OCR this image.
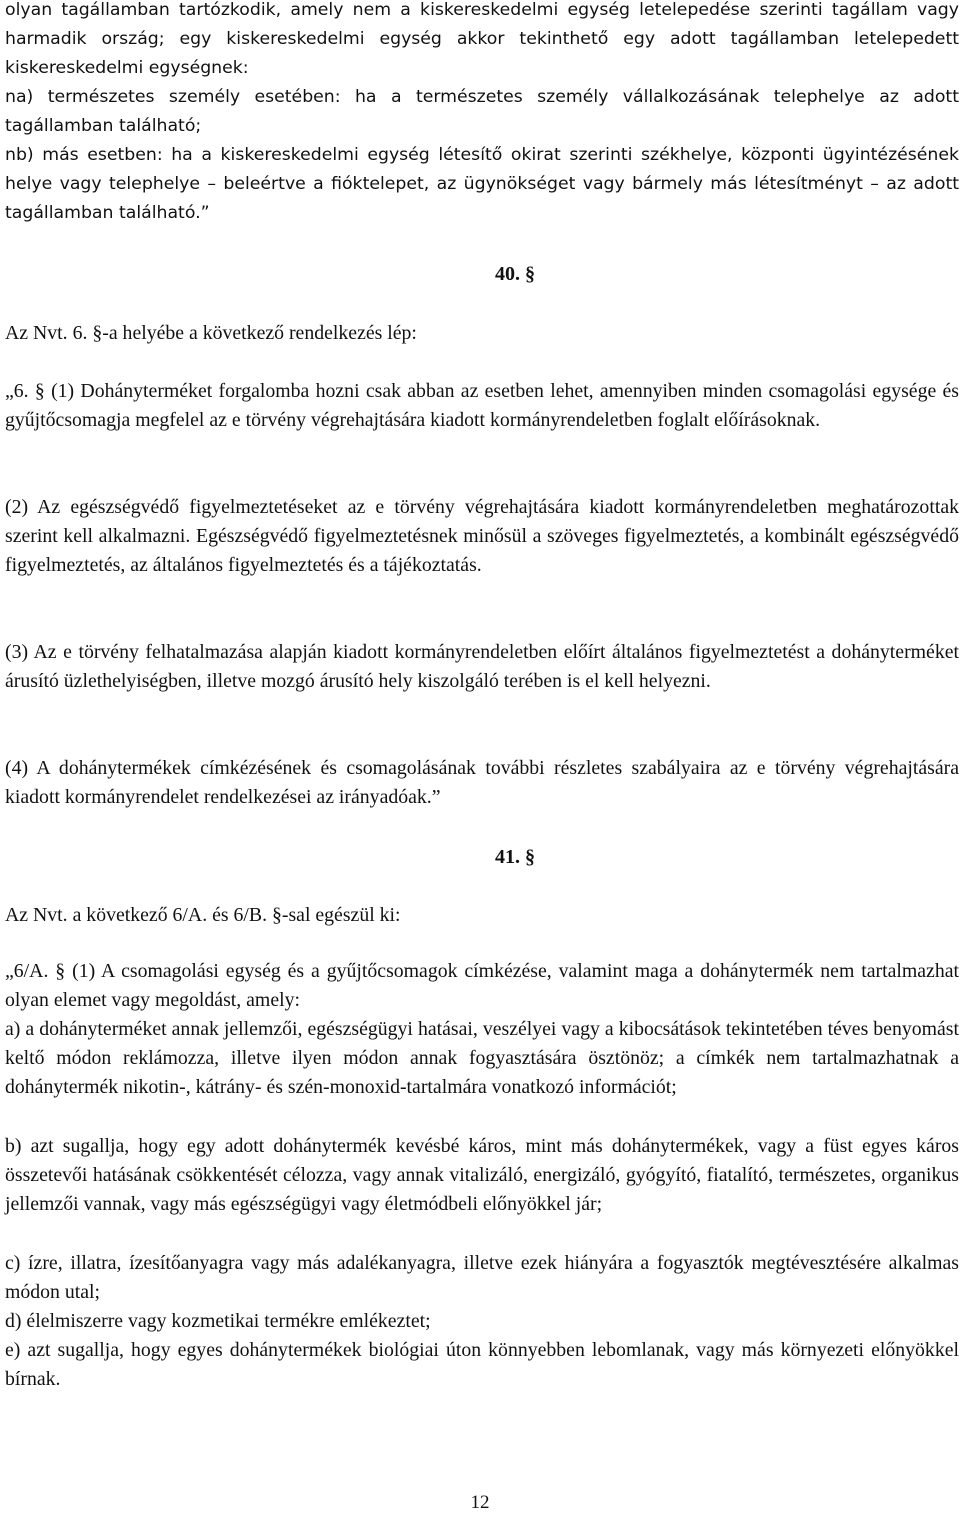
olyan tagállamban tartózkodik, amely nem a kiskereskedelmi egység letelepedése szerinti tagállam vagy harmadik ország; egy kiskereskedelmi egység akkor tekinthető egy adott tagállamban letelepedett kiskereskedelmi egységnek:

na) természetes személy esetében: ha a természetes személy vállalkozásának telephelye az adott tagállamban található;

nb) más esetben: ha a kiskereskedelmi egység létesítő okirat szerinti székhelye, központi ügyintézésének helye vagy telephelye – beleértve a fióktelepet, az ügynökséget vagy bármely más létesítményt – az adott tagállamban található.”

40. §

Az Nvt. 6. §-a helyébe a következő rendelkezés lép:

„6. § (1) Dohányterméket forgalomba hozni csak abban az esetben lehet, amennyiben minden csomagolási egysége és gyűjtőcsomagja megfelel az e törvény végrehajtására kiadott kormányrendeletben foglalt előírásoknak.

(2) Az egészségvédő figyelmeztetéseket az e törvény végrehajtására kiadott kormányrendeletben meghatározottak szerint kell alkalmazni. Egészségvédő figyelmeztetésnek minősül a szöveges figyelmeztetés, a kombinált egészségvédő figyelmeztetés, az általános figyelmeztetés és a tájékoztatás.

(3) Az e törvény felhatalmazása alapján kiadott kormányrendeletben előírt általános figyelmeztetést a dohányterméket árusító üzlethelyiségben, illetve mozgó árusító hely kiszolgáló terében is el kell helyezni.

(4) A dohánytermékek címkézésének és csomagolásának további részletes szabályaira az e törvény végrehajtására kiadott kormányrendelet rendelkezései az irányadóak.”

41. §

Az Nvt. a következő 6/A. és 6/B. §-sal egészül ki:

„6/A. § (1) A csomagolási egység és a gyűjtőcsomagok címkézése, valamint maga a dohánytermék nem tartalmazhat olyan elemet vagy megoldást, amely:

a) a dohányterméket annak jellemzői, egészségügyi hatásai, veszélyei vagy a kibocsátások tekintetében téves benyomást keltő módon reklámozza, illetve ilyen módon annak fogyasztására ösztönöz; a címkék nem tartalmazhatnak a dohánytermék nikotin-, kátrány- és szén-monoxid-tartalmára vonatkozó információt;

b) azt sugallja, hogy egy adott dohánytermék kevésbé káros, mint más dohánytermékek, vagy a füst egyes káros összetevői hatásának csökkentését célozza, vagy annak vitalizáló, energizáló, gyógyító, fiatalító, természetes, organikus jellemzői vannak, vagy más egészségügyi vagy életmódbeli előnyökkel jár;

c) ízre, illatra, ízesítőanyagra vagy más adalékanyagra, illetve ezek hiányára a fogyasztók megtévesztésére alkalmas módon utal;

d) élelmiszerre vagy kozmetikai termékre emlékeztet;

e) azt sugallja, hogy egyes dohánytermékek biológiai úton könnyebben lebomlanak, vagy más környezeti előnyökkel bírnak.

12
